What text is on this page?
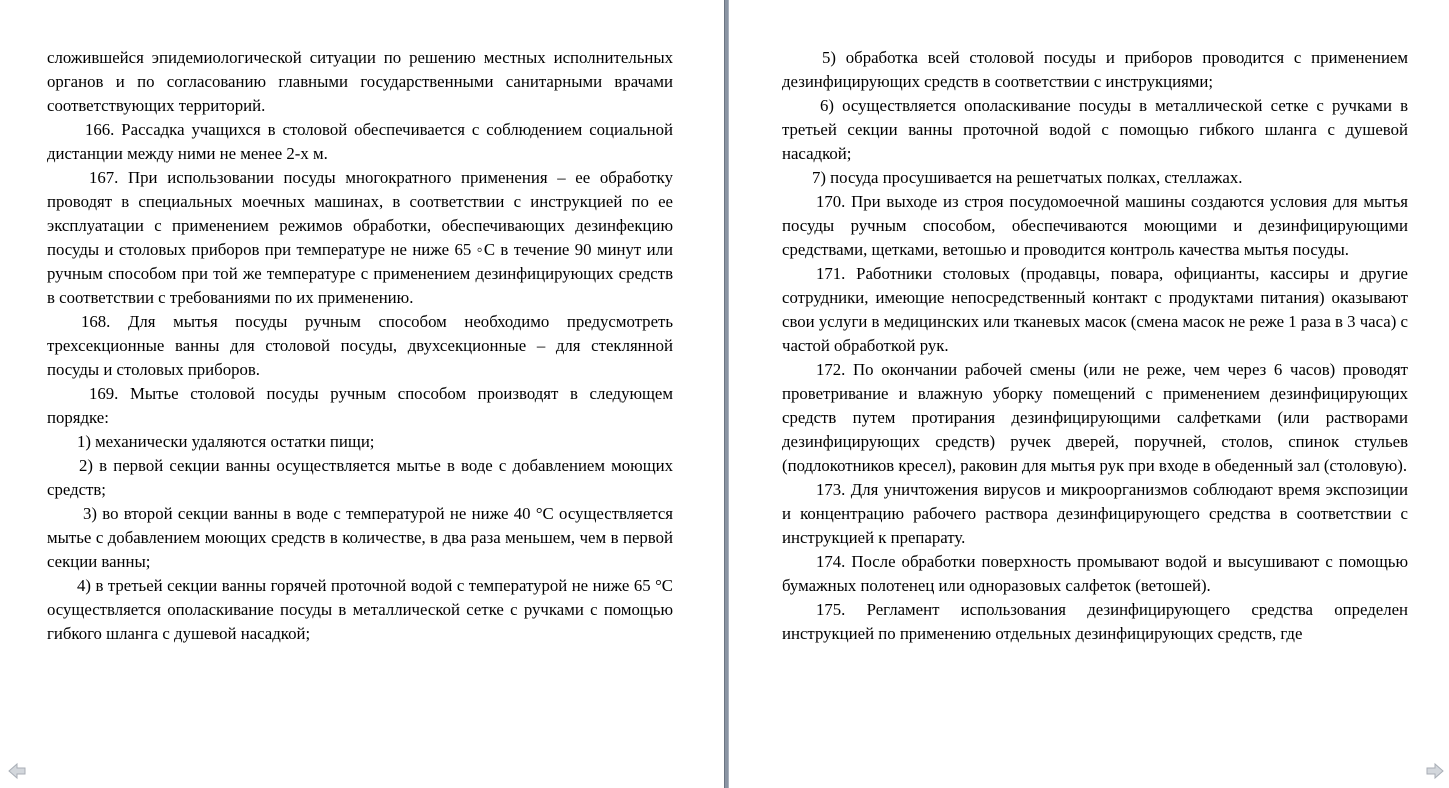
сложившейся эпидемиологической ситуации по решению местных исполнительных органов и по согласованию главными государственными санитарными врачами соответствующих территорий.

166. Рассадка учащихся в столовой обеспечивается с соблюдением социальной дистанции между ними не менее 2-х м.

167. При использовании посуды многократного применения – ее обработку проводят в специальных моечных машинах, в соответствии с инструкцией по ее эксплуатации с применением режимов обработки, обеспечивающих дезинфекцию посуды и столовых приборов при температуре не ниже 65 ◦С в течение 90 минут или ручным способом при той же температуре с применением дезинфицирующих средств в соответствии с требованиями по их применению.

168. Для мытья посуды ручным способом необходимо предусмотреть трехсекционные ванны для столовой посуды, двухсекционные – для стеклянной посуды и столовых приборов.

169. Мытье столовой посуды ручным способом производят в следующем порядке:

1) механически удаляются остатки пищи;

2) в первой секции ванны осуществляется мытье в воде с добавлением моющих средств;

3) во второй секции ванны в воде с температурой не ниже 40 °С осуществляется мытье с добавлением моющих средств в количестве, в два раза меньшем, чем в первой секции ванны;

4) в третьей секции ванны горячей проточной водой с температурой не ниже 65 °С осуществляется ополаскивание посуды в металлической сетке с ручками с помощью гибкого шланга с душевой насадкой;

5) обработка всей столовой посуды и приборов проводится с применением дезинфицирующих средств в соответствии с инструкциями;

6) осуществляется ополаскивание посуды в металлической сетке с ручками в третьей секции ванны проточной водой с помощью гибкого шланга с душевой насадкой;

7) посуда просушивается на решетчатых полках, стеллажах.

170. При выходе из строя посудомоечной машины создаются условия для мытья посуды ручным способом, обеспечиваются моющими и дезинфицирующими средствами, щетками, ветошью и проводится контроль качества мытья посуды.

171. Работники столовых (продавцы, повара, официанты, кассиры и другие сотрудники, имеющие непосредственный контакт с продуктами питания) оказывают свои услуги в медицинских или тканевых масок (смена масок не реже 1 раза в 3 часа) с частой обработкой рук.

172. По окончании рабочей смены (или не реже, чем через 6 часов) проводят проветривание и влажную уборку помещений с применением дезинфицирующих средств путем протирания дезинфицирующими салфетками (или растворами дезинфицирующих средств) ручек дверей, поручней, столов, спинок стульев (подлокотников кресел), раковин для мытья рук при входе в обеденный зал (столовую).

173. Для уничтожения вирусов и микроорганизмов соблюдают время экспозиции и концентрацию рабочего раствора дезинфицирующего средства в соответствии с инструкцией к препарату.

174. После обработки поверхность промывают водой и высушивают с помощью бумажных полотенец или одноразовых салфеток (ветошей).

175. Регламент использования дезинфицирующего средства определен инструкцией по применению отдельных дезинфицирующих средств, где
